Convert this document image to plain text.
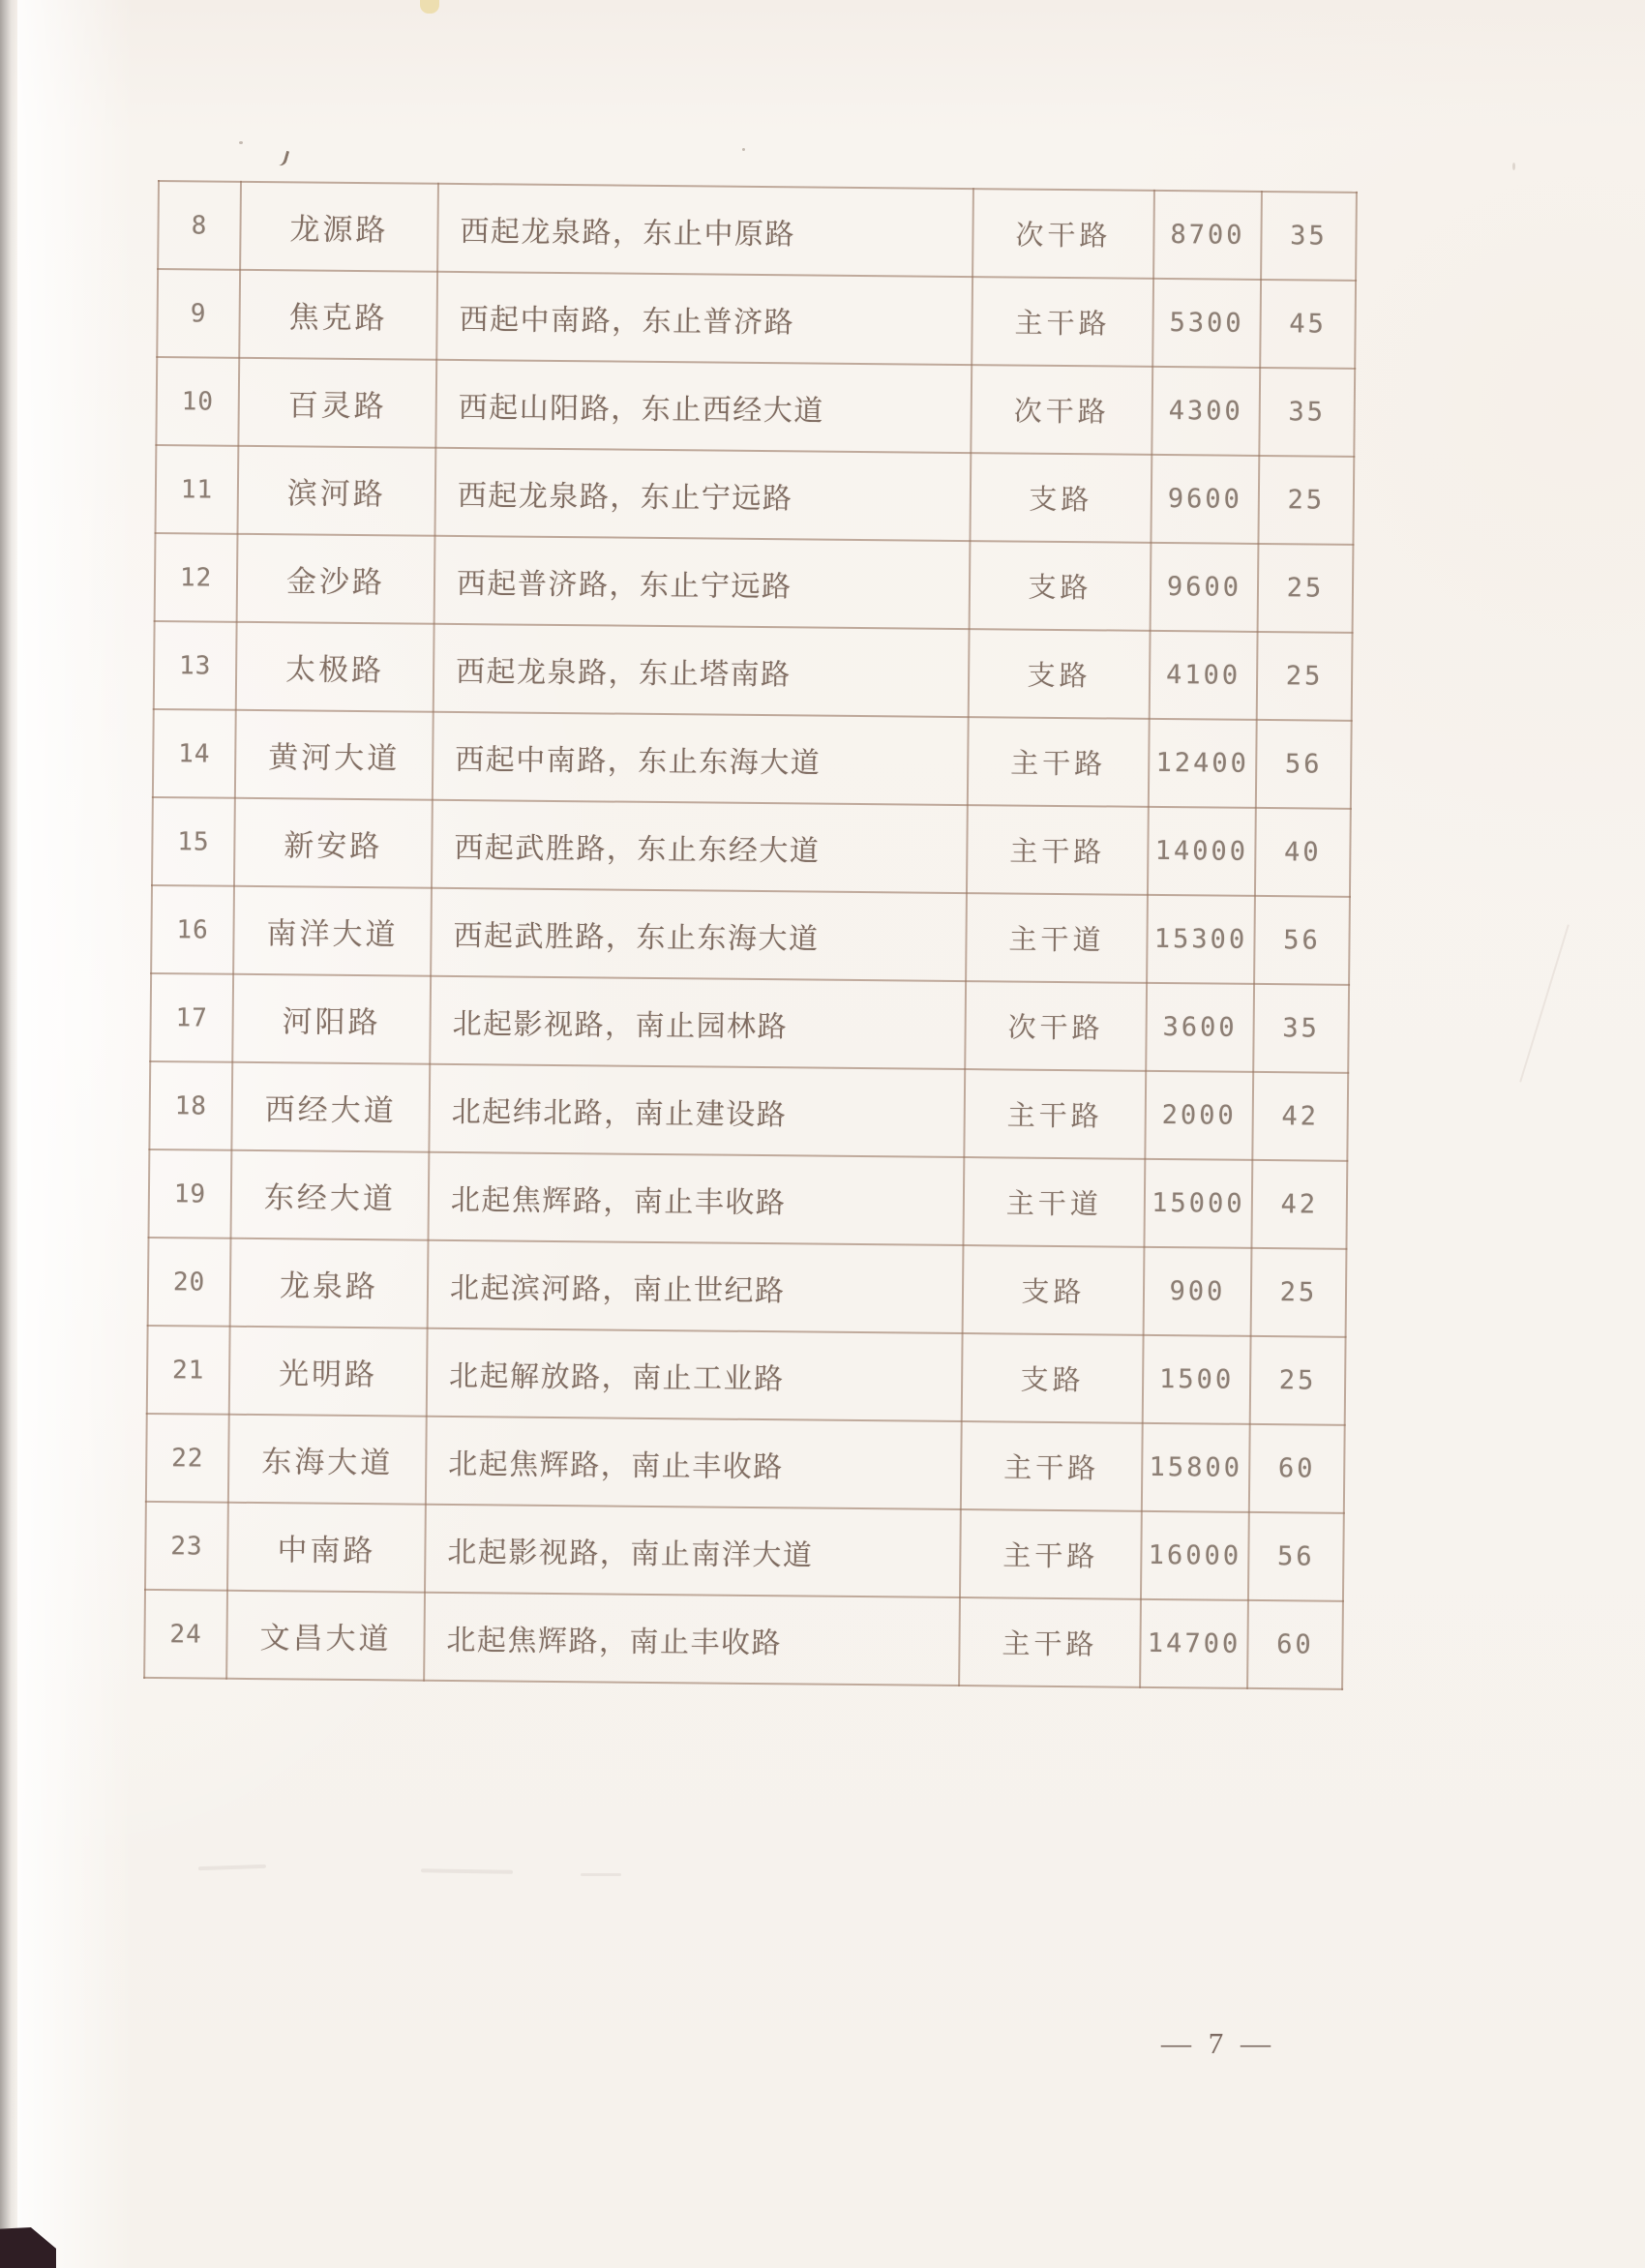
8	龙源路	西起龙泉路，东止中原路	次干路	8700	35
9	焦克路	西起中南路，东止普济路	主干路	5300	45
10	百灵路	西起山阳路，东止西经大道	次干路	4300	35
11	滨河路	西起龙泉路，东止宁远路	支路	9600	25
12	金沙路	西起普济路，东止宁远路	支路	9600	25
13	太极路	西起龙泉路，东止塔南路	支路	4100	25
14	黄河大道	西起中南路，东止东海大道	主干路	12400	56
15	新安路	西起武胜路，东止东经大道	主干路	14000	40
16	南洋大道	西起武胜路，东止东海大道	主干道	15300	56
17	河阳路	北起影视路，南止园林路	次干路	3600	35
18	西经大道	北起纬北路，南止建设路	主干路	2000	42
19	东经大道	北起焦辉路，南止丰收路	主干道	15000	42
20	龙泉路	北起滨河路，南止世纪路	支路	900	25
21	光明路	北起解放路，南止工业路	支路	1500	25
22	东海大道	北起焦辉路，南止丰收路	主干路	15800	60
23	中南路	北起影视路，南止南洋大道	主干路	16000	56
24	文昌大道	北起焦辉路，南止丰收路	主干路	14700	60
— 7 —
